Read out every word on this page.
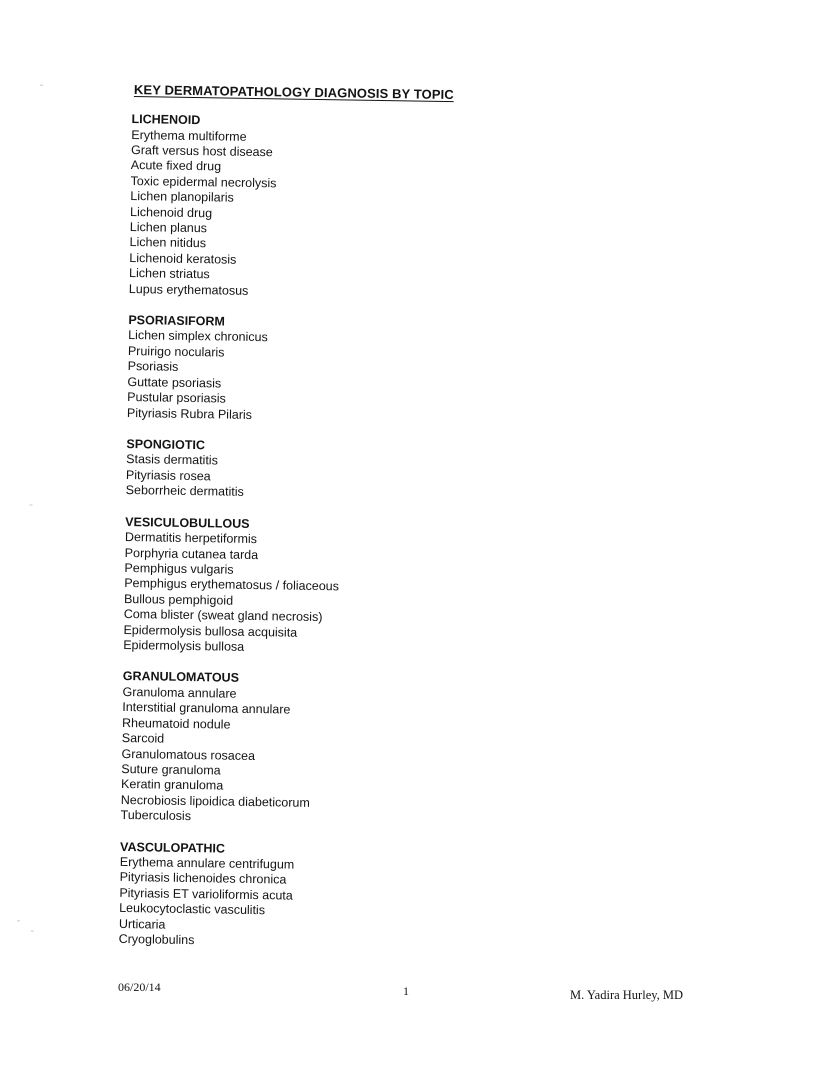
KEY DERMATOPATHOLOGY DIAGNOSIS BY TOPIC
LICHENOID
Erythema multiforme
Graft versus host disease
Acute fixed drug
Toxic epidermal necrolysis
Lichen planopilaris
Lichenoid drug
Lichen planus
Lichen nitidus
Lichenoid keratosis
Lichen striatus
Lupus erythematosus
PSORIASIFORM
Lichen simplex chronicus
Pruirigo nocularis
Psoriasis
Guttate psoriasis
Pustular psoriasis
Pityriasis Rubra Pilaris
SPONGIOTIC
Stasis dermatitis
Pityriasis rosea
Seborrheic dermatitis
VESICULOBULLOUS
Dermatitis herpetiformis
Porphyria cutanea tarda
Pemphigus vulgaris
Pemphigus erythematosus / foliaceous
Bullous pemphigoid
Coma blister (sweat gland necrosis)
Epidermolysis bullosa acquisita
Epidermolysis bullosa
GRANULOMATOUS
Granuloma annulare
Interstitial granuloma annulare
Rheumatoid nodule
Sarcoid
Granulomatous rosacea
Suture granuloma
Keratin granuloma
Necrobiosis lipoidica diabeticorum
Tuberculosis
VASCULOPATHIC
Erythema annulare centrifugum
Pityriasis lichenoides chronica
Pityriasis ET varioliformis acuta
Leukocytoclastic vasculitis
Urticaria
Cryoglobulins
06/20/14	1	M. Yadira Hurley, MD
